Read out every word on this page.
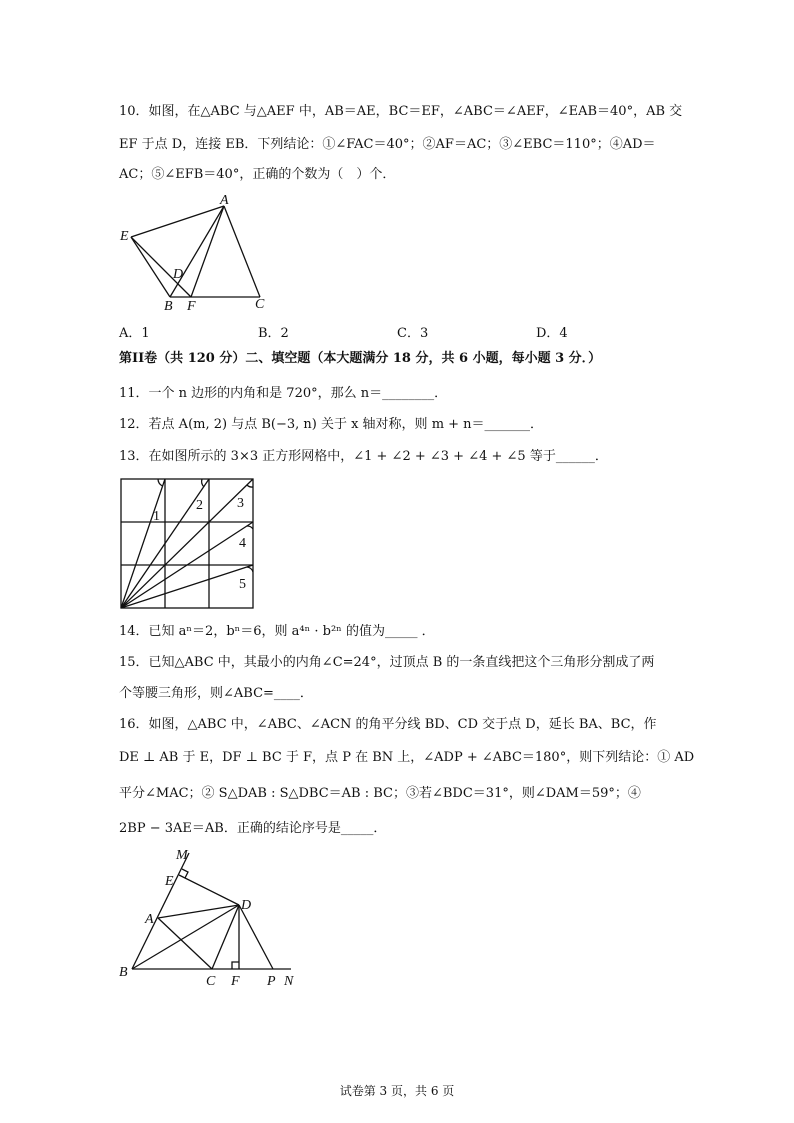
10．如图，在△ABC 与△AEF 中，AB＝AE，BC＝EF，∠ABC＝∠AEF，∠EAB＝40°，AB 交
EF 于点 D，连接 EB．下列结论：①∠FAC＝40°；②AF＝AC；③∠EBC＝110°；④AD＝
AC；⑤∠EFB＝40°，正确的个数为（　）个．
A
E
D
B F	C
A．1	B．2	C．3	D．4
第II卷（共 120 分）二、填空题（本大题满分 18 分，共 6 小题，每小题 3 分．）
11．一个 n 边形的内角和是 720°，那么 n＝________．
12．若点 A(m, 2) 与点 B(−3, n) 关于 x 轴对称，则 m + n＝_______．
13．在如图所示的 3×3 正方形网格中，∠1 + ∠2 + ∠3 + ∠4 + ∠5 等于______．
1
2 3
4
5
14．已知 aⁿ＝2，bⁿ＝6，则 a⁴ⁿ · b²ⁿ 的值为_____ ．
15．已知△ABC 中，其最小的内角∠C=24°，过顶点 B 的一条直线把这个三角形分割成了两
个等腰三角形，则∠ABC=____．
16．如图，△ABC 中，∠ABC、∠ACN 的角平分线 BD、CD 交于点 D，延长 BA、BC，作
DE ⊥ AB 于 E，DF ⊥ BC 于 F，点 P 在 BN 上，∠ADP + ∠ABC＝180°，则下列结论：① AD
平分∠MAC；② S△DAB : S△DBC＝AB : BC；③若∠BDC＝31°，则∠DAM＝59°；④
2BP − 3AE＝AB．正确的结论序号是_____．
M
E
D
A
B
C F P N
试卷第 3 页，共 6 页
